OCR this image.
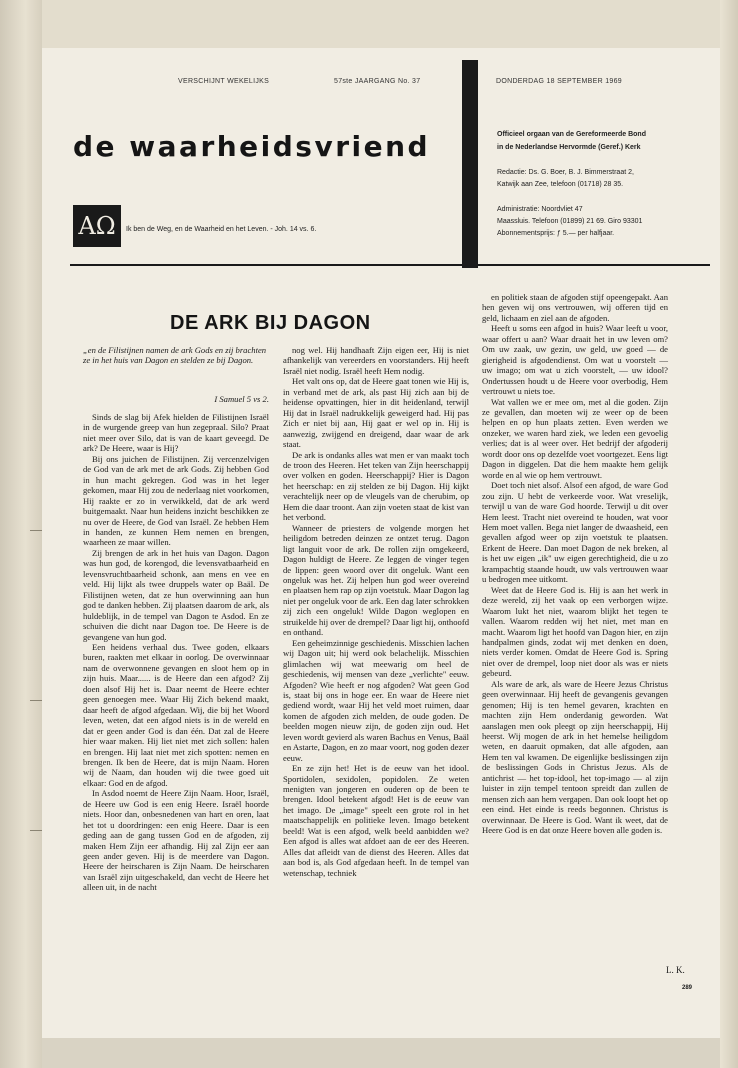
VERSCHIJNT WEKELIJKS	57ste JAARGANG No. 37	DONDERDAG 18 SEPTEMBER 1969
de waarheidsvriend
AΩ	Ik ben de Weg, en de Waarheid en het Leven. - Joh. 14 vs. 6.
Officieel orgaan van de Gereformeerde Bond
in de Nederlandse Hervormde (Geref.) Kerk
Redactie: Ds. G. Boer, B. J. Bimmerstraat 2,
Katwijk aan Zee, telefoon (01718) 28 35.
Administratie: Noordvliet 47
Maassluis. Telefoon (01899) 21 69. Giro 93301
Abonnementsprijs: ƒ 5.— per halfjaar.
DE ARK BIJ DAGON
„en de Filistijnen namen de ark Gods en zij brachten ze in het huis van Dagon en stelden ze bij Dagon.
I Samuel 5 vs 2.

Sinds de slag bij Afek hielden de Filistijnen Israël in de wurgende greep van hun zegepraal. Silo? Praat niet meer over Silo, dat is van de kaart geveegd. De ark? De Heere, waar is Hij?

Bij ons juichen de Filistijnen. Zij vercenzelvigen de God van de ark met de ark Gods. Zij hebben God in hun macht gekregen. God was in het leger gekomen, maar Hij zou de nederlaag niet voorkomen, Hij raakte er zo in verwikkeld, dat de ark werd buitgemaakt. Naar hun heidens inzicht beschikken ze nu over de Heere, de God van Israël. Ze hebben Hem in handen, ze kunnen Hem nemen en brengen, waarheen ze maar willen.

Zij brengen de ark in het huis van Dagon. Dagon was hun god, de korengod, die levensvatbaarheid en levensvruchtbaarheid schonk, aan mens en vee en veld. Hij lijkt als twee druppels water op Baäl. De Filistijnen weten, dat ze hun overwinning aan hun god te danken hebben. Zij plaatsen daarom de ark, als huldeblijk, in de tempel van Dagon te Asdod. En ze schuiven die dicht naar Dagon toe. De Heere is de gevangene van hun god.

Een heidens verhaal dus. Twee goden, elkaars buren, raakten met elkaar in oorlog. De overwinnaar nam de overwonnene gevangen en sloot hem op in zijn huis. Maar...... is de Heere dan een afgod? Zij doen alsof Hij het is. Daar neemt de Heere echter geen genoegen mee. Waar Hij Zich bekend maakt, daar heeft de afgod afgedaan. Wij, die bij het Woord leven, weten, dat een afgod niets is in de wereld en dat er geen ander God is dan één. Dat zal de Heere hier waar maken. Hij liet niet met zich sollen: halen en brengen. Hij laat niet met zich spotten: nemen en brengen. Ik ben de Heere, dat is mijn Naam. Horen wij de Naam, dan houden wij die twee goed uit elkaar: God en de afgod.

In Asdod noemt de Heere Zijn Naam. Hoor, Israël, de Heere uw God is een enig Heere. Israël hoorde niets. Hoor dan, onbesnedenen van hart en oren, laat het tot u doordringen: een enig Heere. Daar is een geding aan de gang tussen God en de afgoden, zij maken Hem Zijn eer afhandig. Hij zal Zijn eer aan geen ander geven. Hij is de meerdere van Dagon. Heere der heirscharen is Zijn Naam. De heirscharen van Israël zijn uitgeschakeld, dan vecht de Heere het alleen uit, in de nacht

nog wel. Hij handhaaft Zijn eigen eer, Hij is niet afhankelijk van vereerders en voorstanders. Hij heeft Israël niet nodig. Israël heeft Hem nodig.

Het valt ons op, dat de Heere gaat tonen wie Hij is, in verband met de ark, als past Hij zich aan bij de heidense opvattingen, hier in dit heidenland, terwijl Hij dat in Israël nadrukkelijk geweigerd had. Hij pas Zich er niet bij aan, Hij gaat er wel op in. Hij is aanwezig, zwijgend en dreigend, daar waar de ark staat.

De ark is ondanks alles wat men er van maakt toch de troon des Heeren. Het teken van Zijn heerschappij over volken en goden. Heerschappij? Hier is Dagon het heerschap: en zij stelden ze bij Dagon. Hij kijkt verachtelijk neer op de vleugels van de cherubim, op Hem die daar troont. Aan zijn voeten staat de kist van het verbond.

Wanneer de priesters de volgende morgen het heiligdom betreden deinzen ze ontzet terug. Dagon ligt languit voor de ark. De rollen zijn omgekeerd, Dagon huldigt de Heere. Ze leggen de vinger tegen de lippen: geen woord over dit ongeluk. Want een ongeluk was het. Zij helpen hun god weer overeind en plaatsen hem rap op zijn voetstuk. Maar Dagon lag niet per ongeluk voor de ark. Een dag later schrokken zij zich een ongeluk! Wilde Dagon weglopen en struikelde hij over de drempel? Daar ligt hij, onthoofd en onthand.

Een geheimzinnige geschiedenis. Misschien lachen wij Dagon uit; hij werd ook belachelijk. Misschien glimlachen wij wat meewarig om heel de geschiedenis, wij mensen van deze „verlichte" eeuw. Afgoden? Wie heeft er nog afgoden? Wat geen God is, staat bij ons in hoge eer. En waar de Heere niet gediend wordt, waar Hij het veld moet ruimen, daar komen de afgoden zich melden, de oude goden. De beelden mogen nieuw zijn, de goden zijn oud. Het leven wordt gevierd als waren Bachus en Venus, Baäl en Astarte, Dagon, en zo maar voort, nog goden dezer eeuw.

En ze zijn het! Het is de eeuw van het idool. Sportidolen, sexidolen, popidolen. Ze weten menigten van jongeren en ouderen op de been te brengen. Idool betekent afgod! Het is de eeuw van het imago. De „image" speelt een grote rol in het maatschappelijk en politieke leven. Imago betekent beeld! Wat is een afgod, welk beeld aanbidden we? Een afgod is alles wat afdoet aan de eer des Heeren. Alles dat afleidt van de dienst des Heeren. Alles dat aan bod is, als God afgedaan heeft. In de tempel van wetenschap, techniek

en politiek staan de afgoden stijf opeengepakt. Aan hen geven wij ons vertrouwen, wij offeren tijd en geld, lichaam en ziel aan de afgoden.

Heeft u soms een afgod in huis? Waar leeft u voor, waar offert u aan? Waar draait het in uw leven om? Om uw zaak, uw gezin, uw geld, uw goed — de gierigheid is afgodendienst. Om wat u voorstelt — uw imago; om wat u zich voorstelt, — uw idool? Ondertussen houdt u de Heere voor overbodig, Hem vertrouwt u niets toe.

Wat vallen we er mee om, met al die goden. Zijn ze gevallen, dan moeten wij ze weer op de been helpen en op hun plaats zetten. Even werden we onzeker, we waren hard ziek, we leden een gevoelig verlies; dat is al weer over. Het bedrijf der afgoderij wordt door ons op dezelfde voet voortgezet. Eens ligt Dagon in diggelen. Dat die hem maakte hem gelijk worde en al wie op hem vertrouwt.

Doet toch niet alsof. Alsof een afgod, de ware God zou zijn. U hebt de verkeerde voor. Wat vreselijk, terwijl u van de ware God hoorde. Terwijl u dit over Hem leest. Tracht niet overeind te houden, wat voor Hem moet vallen. Bega niet langer de dwaasheid, een gevallen afgod weer op zijn voetstuk te plaatsen. Erkent de Heere. Dan moet Dagon de nek breken, al is het uw eigen „ik" uw eigen gerechtigheid, die u zo krampachtig staande houdt, uw vals vertrouwen waar u bedrogen mee uitkomt.

Weet dat de Heere God is. Hij is aan het werk in deze wereld, zij het vaak op een verborgen wijze. Waarom lukt het niet, waarom blijkt het tegen te vallen. Waarom redden wij het niet, met man en macht. Waarom ligt het hoofd van Dagon hier, en zijn handpalmen ginds, zodat wij met denken en doen, niets verder komen. Omdat de Heere God is. Spring niet over de drempel, loop niet door als was er niets gebeurd.

Als ware de ark, als ware de Heere Jezus Christus geen overwinnaar. Hij heeft de gevangenis gevangen genomen; Hij is ten hemel gevaren, krachten en machten zijn Hem onderdanig geworden. Wat aanslagen men ook pleegt op zijn heerschappij, Hij heerst. Wij mogen de ark in het hemelse heiligdom weten, en daaruit opmaken, dat alle afgoden, aan Hem ten val kwamen. De eigenlijke beslissingen zijn de beslissingen Gods in Christus Jezus. Als de antichrist — het top-idool, het top-imago — al zijn luister in zijn tempel tentoon spreidt dan zullen de mensen zich aan hem vergapen. Dan ook loopt het op een eind. Het einde is reeds begonnen. Christus is overwinnaar. De Heere is God. Want ik weet, dat de Heere God is en dat onze Heere boven alle goden is.

L. K.
289
